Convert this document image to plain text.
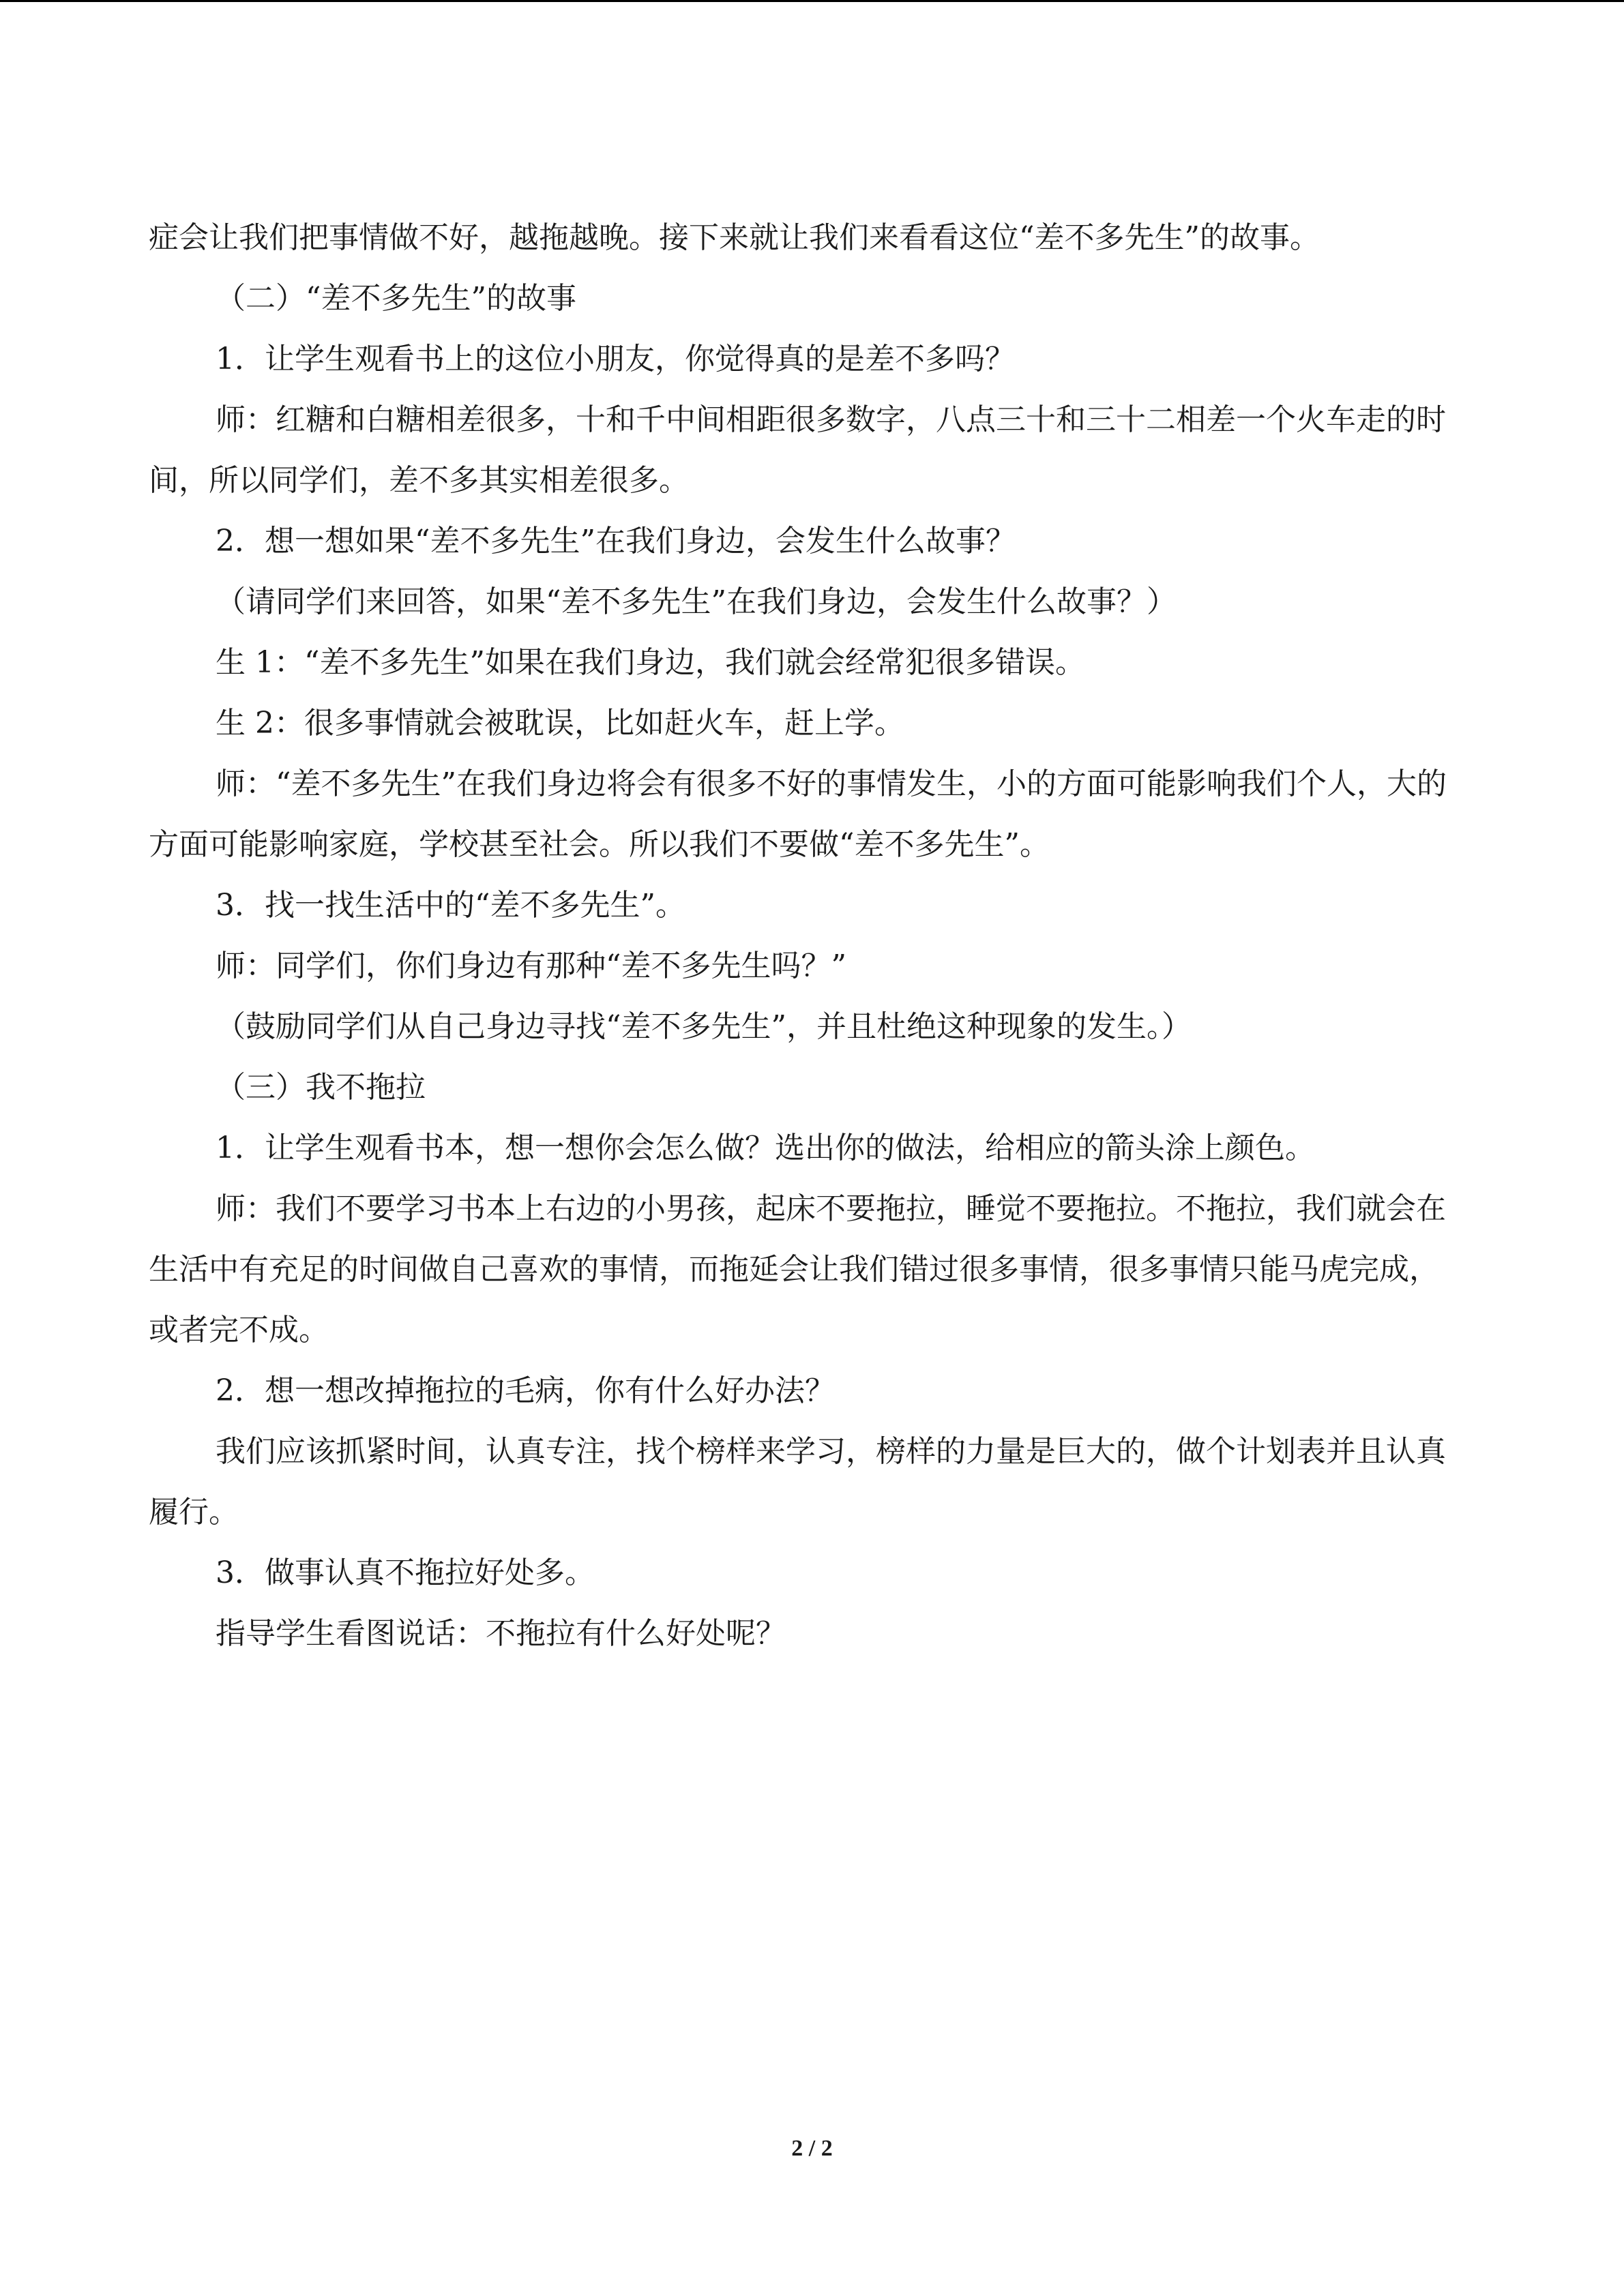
症会让我们把事情做不好，越拖越晚。接下来就让我们来看看这位“差不多先生”的故事。

（二）“差不多先生”的故事

1．让学生观看书上的这位小朋友，你觉得真的是差不多吗？

师：红糖和白糖相差很多，十和千中间相距很多数字，八点三十和三十二相差一个火车走的时间，所以同学们，差不多其实相差很多。

2．想一想如果“差不多先生”在我们身边，会发生什么故事？

（请同学们来回答，如果“差不多先生”在我们身边，会发生什么故事？）

生 1：“差不多先生”如果在我们身边，我们就会经常犯很多错误。

生 2：很多事情就会被耽误，比如赶火车，赶上学。

师：“差不多先生”在我们身边将会有很多不好的事情发生，小的方面可能影响我们个人，大的方面可能影响家庭，学校甚至社会。所以我们不要做“差不多先生”。

3．找一找生活中的“差不多先生”。

师：同学们，你们身边有那种“差不多先生吗？”

（鼓励同学们从自己身边寻找“差不多先生”，并且杜绝这种现象的发生。）

（三）我不拖拉

1．让学生观看书本，想一想你会怎么做？选出你的做法，给相应的箭头涂上颜色。

师：我们不要学习书本上右边的小男孩，起床不要拖拉，睡觉不要拖拉。不拖拉，我们就会在生活中有充足的时间做自己喜欢的事情，而拖延会让我们错过很多事情，很多事情只能马虎完成，或者完不成。

2．想一想改掉拖拉的毛病，你有什么好办法？

我们应该抓紧时间，认真专注，找个榜样来学习，榜样的力量是巨大的，做个计划表并且认真履行。

3．做事认真不拖拉好处多。

指导学生看图说话：不拖拉有什么好处呢？

2 / 2
